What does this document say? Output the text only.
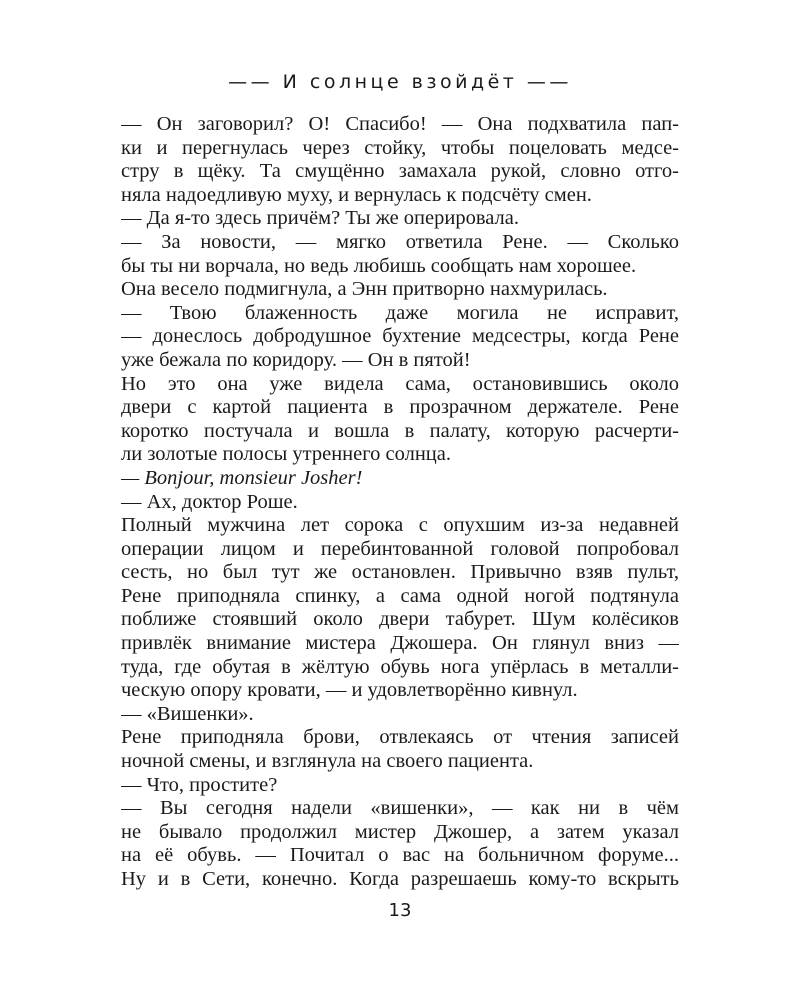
—— И солнце взойдёт ——
— Он заговорил? О! Спасибо! — Она подхватила пап-
ки и перегнулась через стойку, чтобы поцеловать медсе-
стру в щёку. Та смущённо замахала рукой, словно отго-
няла надоедливую муху, и вернулась к подсчёту смен.
— Да я-то здесь причём? Ты же оперировала.
— За новости, — мягко ответила Рене. — Сколько
бы ты ни ворчала, но ведь любишь сообщать нам хорошее.
Она весело подмигнула, а Энн притворно нахмурилась.
— Твою блаженность даже могила не исправит,
— донеслось добродушное бухтение медсестры, когда Рене
уже бежала по коридору. — Он в пятой!
Но это она уже видела сама, остановившись около
двери с картой пациента в прозрачном держателе. Рене
коротко постучала и вошла в палату, которую расчерти-
ли золотые полосы утреннего солнца.
— Bonjour, monsieur Josher!
— Ах, доктор Роше.
Полный мужчина лет сорока с опухшим из-за недавней
операции лицом и перебинтованной головой попробовал
сесть, но был тут же остановлен. Привычно взяв пульт,
Рене приподняла спинку, а сама одной ногой подтянула
поближе стоявший около двери табурет. Шум колёсиков
привлёк внимание мистера Джошера. Он глянул вниз —
туда, где обутая в жёлтую обувь нога упёрлась в металли-
ческую опору кровати, — и удовлетворённо кивнул.
— «Вишенки».
Рене приподняла брови, отвлекаясь от чтения записей
ночной смены, и взглянула на своего пациента.
— Что, простите?
— Вы сегодня надели «вишенки», — как ни в чём
не бывало продолжил мистер Джошер, а затем указал
на её обувь. — Почитал о вас на больничном форуме...
Ну и в Сети, конечно. Когда разрешаешь кому-то вскрыть
13
